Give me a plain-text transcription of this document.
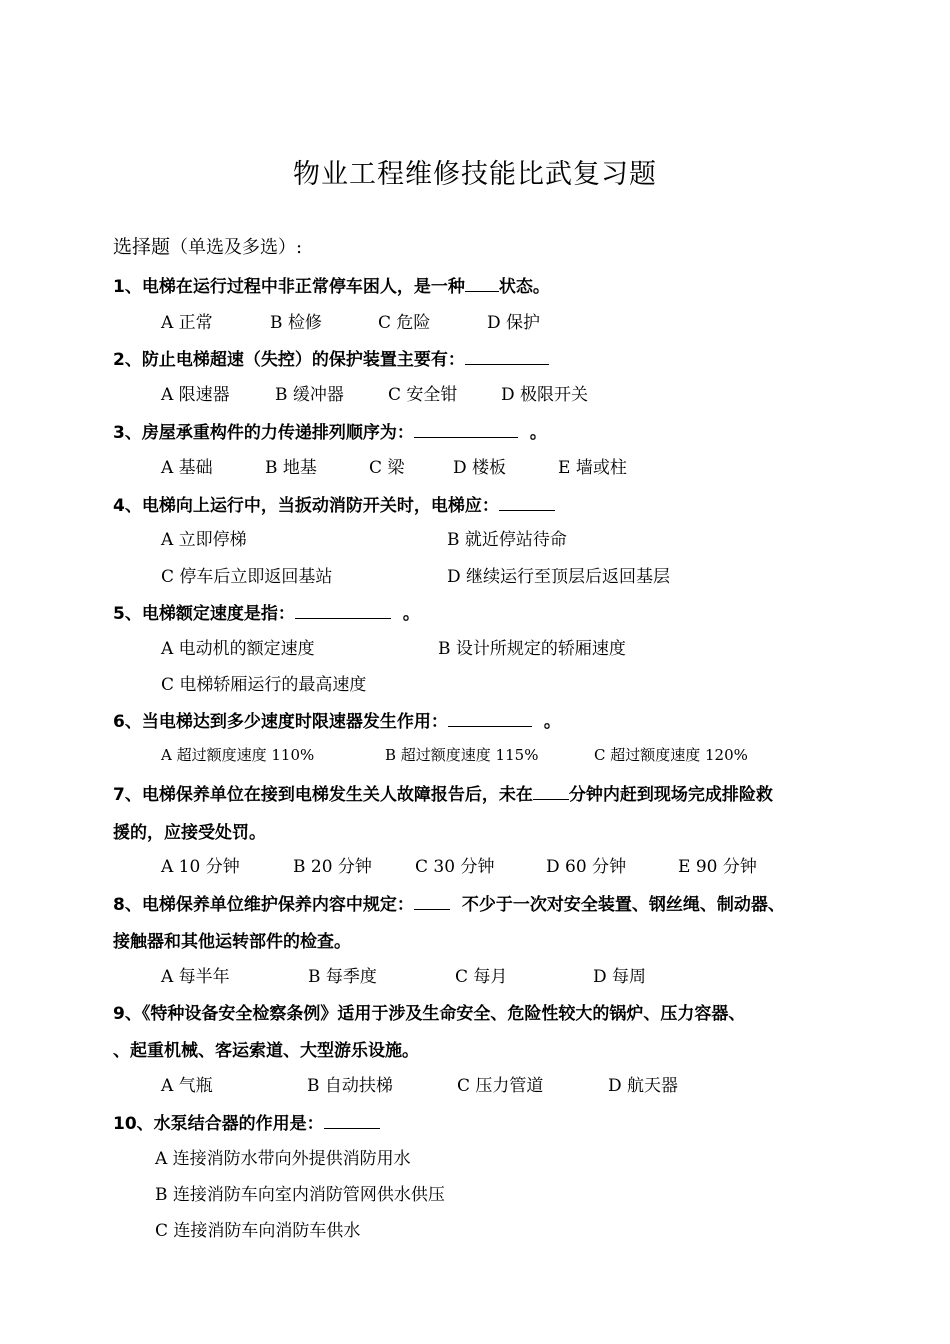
物业工程维修技能比武复习题
选择题（单选及多选）:
1、电梯在运行过程中非正常停车困人，是一种 状态。
A 正常	B 检修	C 危险	D 保护
2、防止电梯超速（失控）的保护装置主要有：
A 限速器	B 缓冲器	C 安全钳	D 极限开关
3、房屋承重构件的力传递排列顺序为：	。
A 基础	B 地基	C 梁	D 楼板	E 墙或柱
4、电梯向上运行中，当扳动消防开关时，电梯应：
A 立即停梯	B 就近停站待命
C 停车后立即返回基站	D 继续运行至顶层后返回基层
5、电梯额定速度是指：	。
A 电动机的额定速度	B 设计所规定的轿厢速度
C 电梯轿厢运行的最高速度
6、当电梯达到多少速度时限速器发生作用：	。
A 超过额度速度 110%	B 超过额度速度 115%	C 超过额度速度 120%
7、电梯保养单位在接到电梯发生关人故障报告后，未在 分钟内赶到现场完成排险救
援的，应接受处罚。
A 10 分钟	B 20 分钟	C 30 分钟	D 60 分钟	E 90 分钟
8、电梯保养单位维护保养内容中规定：	不少于一次对安全装置、钢丝绳、制动器、
接触器和其他运转部件的检查。
A 每半年	B 每季度	C 每月	D 每周
9、《特种设备安全检察条例》适用于涉及生命安全、危险性较大的锅炉、压力容器、
、起重机械、客运索道、大型游乐设施。
A 气瓶	B 自动扶梯	C 压力管道	D 航天器
10、水泵结合器的作用是：
A 连接消防水带向外提供消防用水
B 连接消防车向室内消防管网供水供压
C 连接消防车向消防车供水
